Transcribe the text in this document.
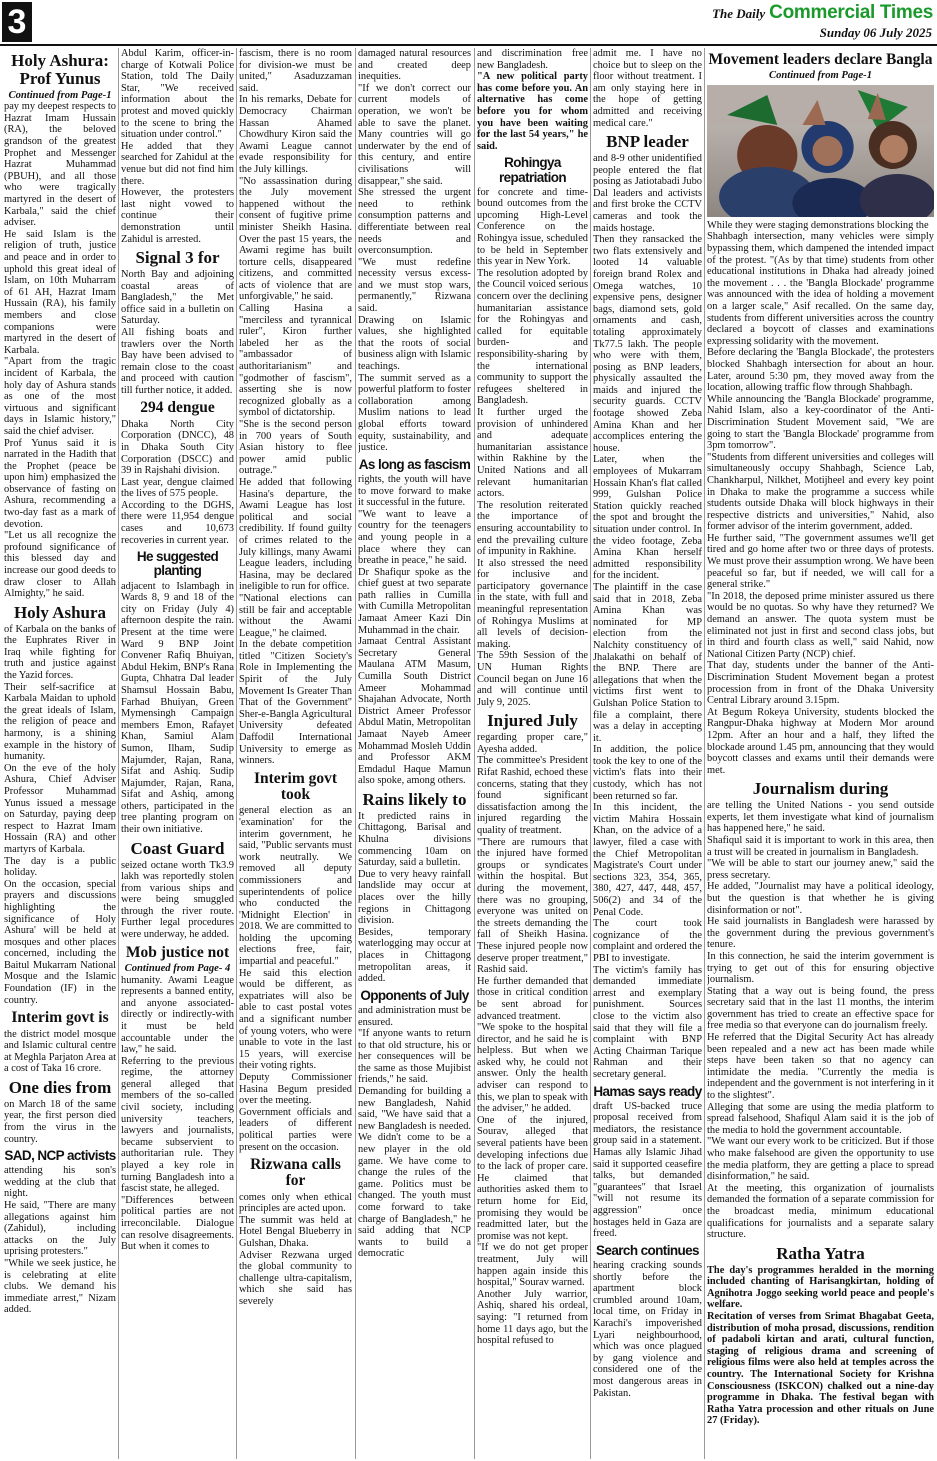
3	The Daily Commercial Times
Sunday 06 July 2025
Holy Ashura:
Prof Yunus
Continued from Page-1

pay my deepest respects to Hazrat Imam Hussain (RA), the beloved grandson of the greatest Prophet and Messenger Hazrat Muhammad (PBUH), and all those who were tragically martyred in the desert of Karbala," said the chief adviser.
He said Islam is the religion of truth, justice and peace and in order to uphold this great ideal of Islam, on 10th Muharram of 61 AH, Hazrat Imam Hussain (RA), his family members and close companions were martyred in the desert of Karbala.
"Apart from the tragic incident of Karbala, the holy day of Ashura stands as one of the most virtuous and significant days in Islamic history," said the chief adviser.
Prof Yunus said it is narrated in the Hadith that the Prophet (peace be upon him) emphasized the observance of fasting on Ashura, recommending a two-day fast as a mark of devotion.
"Let us all recognize the profound significance of this blessed day and increase our good deeds to draw closer to Allah Almighty," he said.

Holy Ashura

of Karbala on the banks of the Euphrates River in Iraq while fighting for truth and justice against the Yazid forces.
Their self-sacrifice at Karbala Maidan to uphold the great ideals of Islam, the religion of peace and harmony, is a shining example in the history of humanity.
On the eve of the holy Ashura, Chief Adviser Professor Muhammad Yunus issued a message on Saturday, paying deep respect to Hazrat Imam Hossain (RA) and other martyrs of Karbala.
The day is a public holiday.
On the occasion, special prayers and discussions highlighting the significance of Holy Ashura' will be held at mosques and other places concerned, including the Baitul Mukarram National Mosque and the Islamic Foundation (IF) in the country.

Interim govt is

the district model mosque and Islamic cultural centre at Meghla Parjaton Area at a cost of Taka 16 crore.

One dies from

on March 18 of the same year, the first person died from the virus in the country.

SAD, NCP activists

attending his son's wedding at the club that night.
He said, "There are many allegations against him (Zahidul), including attacks on the July uprising protesters."
"While we seek justice, he is celebrating at elite clubs. We demand his immediate arrest," Nizam added.

Abdul Karim, officer-in-charge of Kotwali Police Station, told The Daily Star, "We received information about the protest and moved quickly to the scene to bring the situation under control."
He added that they searched for Zahidul at the venue but did not find him there.
However, the protesters last night vowed to continue their demonstration until Zahidul is arrested.

Signal 3 for

North Bay and adjoining coastal areas of Bangladesh," the Met office said in a bulletin on Saturday.
All fishing boats and trawlers over the North Bay have been advised to remain close to the coast and proceed with caution till further notice, it added.

294 dengue

Dhaka North City Corporation (DNCC), 48 in Dhaka South City Corporation (DSCC) and 39 in Rajshahi division.
Last year, dengue claimed the lives of 575 people.
According to the DGHS, there were 11,954 dengue cases and 10,673 recoveries in current year.

He suggested planting

adjacent to Islambagh in Wards 8, 9 and 18 of the city on Friday (July 4) afternoon despite the rain. Present at the time were Ward 9 BNP Joint Convener Rafiq Bhuiyan, Abdul Hekim, BNP's Rana Gupta, Chhatra Dal leader Shamsul Hossain Babu, Farhad Bhuiyan, Green Mymensingh Campaign members Emon, Rafayet Khan, Samiul Alam Sumon, Ilham, Sudip Majumder, Rajan, Rana, Sifat and Ashiq. Sudip Majumder, Rajan, Rana, Sifat and Ashiq, among others, participated in the tree planting program on their own initiative.

Coast Guard

seized octane worth Tk3.9 lakh was reportedly stolen from various ships and were being smuggled through the river route. Further legal procedures were underway, he added.

Mob justice not
Continued from Page- 4

humanity. Awami League represents a banned entity, and anyone associated-directly or indirectly-with it must be held accountable under the law," he said.
Referring to the previous regime, the attorney general alleged that members of the so-called civil society, including university teachers, lawyers and journalists, became subservient to authoritarian rule. They played a key role in turning Bangladesh into a fascist state, he alleged.
"Differences between political parties are not irreconcilable. Dialogue can resolve disagreements. But when it comes to

fascism, there is no room for division-we must be united," Asaduzzaman said.
In his remarks, Debate for Democracy Chairman Hassan Ahamed Chowdhury Kiron said the Awami League cannot evade responsibility for the July killings.
"No assassination during the July movement happened without the consent of fugitive prime minister Sheikh Hasina. Over the past 15 years, the Awami regime has built torture cells, disappeared citizens, and committed acts of violence that are unforgivable," he said.
Calling Hasina a "merciless and tyrannical ruler", Kiron further labeled her as the "ambassador of authoritarianism" and "godmother of fascism", asserting she is now recognized globally as a symbol of dictatorship.
"She is the second person in 700 years of South Asian history to flee power amid public outrage."
He added that following Hasina's departure, the Awami League has lost political and social credibility. If found guilty of crimes related to the July killings, many Awami League leaders, including Hasina, may be declared ineligible to run for office.
"National elections can still be fair and acceptable without the Awami League," he claimed.
In the debate competition titled "Citizen Society's Role in Implementing the Spirit of the July Movement Is Greater Than That of the Government" Sher-e-Bangla Agricultural University defeated Daffodil International University to emerge as winners.

Interim govt took

general election as an 'examination' for the interim government, he said, "Public servants must work neutrally. We removed all deputy commissioners and superintendents of police who conducted the 'Midnight Election' in 2018. We are committed to holding the upcoming elections free, fair, impartial and peaceful."
He said this election would be different, as expatriates will also be able to cast postal votes and a significant number of young voters, who were unable to vote in the last 15 years, will exercise their voting rights.
Deputy Commissioner Hasina Begum presided over the meeting.
Government officials and leaders of different political parties were present on the occasion.

Rizwana calls for

comes only when ethical principles are acted upon.
The summit was held at Hotel Bengal Blueberry in Gulshan, Dhaka.
Adviser Rezwana urged the global community to challenge ultra-capitalism, which she said has severely

damaged natural resources and created deep inequities.
"If we don't correct our current models of operation, we won't be able to save the planet. Many countries will go underwater by the end of this century, and entire civilisations will disappear," she said.
She stressed the urgent need to rethink consumption patterns and differentiate between real needs and overconsumption.
"We must redefine necessity versus excess-and we must stop wars, permanently," Rizwana said.
Drawing on Islamic values, she highlighted that the roots of social business align with Islamic teachings.
The summit served as a powerful platform to foster collaboration among Muslim nations to lead global efforts toward equity, sustainability, and justice.

As long as fascism

rights, the youth will have to move forward to make it successful in the future.
"We want to leave a country for the teenagers and young people in a place where they can breathe in peace," he said.
Dr Shafiqur spoke as the chief guest at two separate path rallies in Cumilla with Cumilla Metropolitan Jamaat Ameer Kazi Din Muhammad in the chair.
Jamaat Central Assistant Secretary General Maulana ATM Masum, Cumilla South District Ameer Mohammad Shajahan Advocate, North District Ameer Professor Abdul Matin, Metropolitan Jamaat Nayeb Ameer Mohammad Mosleh Uddin and Professor AKM Emdadul Haque Mamun also spoke, among others.

Rains likely to

It predicted rains in Chittagong, Barisal and Khulna divisions commencing 10am on Saturday, said a bulletin.
Due to very heavy rainfall landslide may occur at places over the hilly regions in Chittagong division.
Besides, temporary waterlogging may occur at places in Chittagong metropolitan areas, it added.

Opponents of July

and administration must be ensured.
"If anyone wants to return to that old structure, his or her consequences will be the same as those Mujibist friends," he said.
Demanding for building a new Bangladesh, Nahid said, "We have said that a new Bangladesh is needed. We didn't come to be a new player in the old game. We have come to change the rules of the game. Politics must be changed. The youth must come forward to take charge of Bangladesh," he said adding that NCP wants to build a democratic

and discrimination free new Bangladesh.

"A new political party has come before you. An alternative has come before you for whom you have been waiting for the last 54 years," he said.

Rohingya repatriation

for concrete and time-bound outcomes from the upcoming High-Level Conference on the Rohingya issue, scheduled to be held in September this year in New York.
The resolution adopted by the Council voiced serious concern over the declining humanitarian assistance for the Rohingyas and called for equitable burden- and responsibility-sharing by the international community to support the refugees sheltered in Bangladesh.
It further urged the provision of unhindered and adequate humanitarian assistance within Rakhine by the United Nations and all relevant humanitarian actors.
The resolution reiterated the importance of ensuring accountability to end the prevailing culture of impunity in Rakhine.
It also stressed the need for inclusive and participatory governance in the state, with full and meaningful representation of Rohingya Muslims at all levels of decision-making.
The 59th Session of the UN Human Rights Council began on June 16 and will continue until July 9, 2025.

Injured July

regarding proper care," Ayesha added.
The committee's President Rifat Rashid, echoed these concerns, stating that they found significant dissatisfaction among the injured regarding the quality of treatment.
"There are rumours that the injured have formed groups or syndicates within the hospital. But during the movement, there was no grouping, everyone was united on the streets demanding the fall of Sheikh Hasina. These injured people now deserve proper treatment," Rashid said.
He further demanded that those in critical condition be sent abroad for advanced treatment.
"We spoke to the hospital director, and he said he is helpless. But when we asked why, he could not answer. Only the health adviser can respond to this, we plan to speak with the adviser," he added.
One of the injured, Sourav, alleged that several patients have been developing infections due to the lack of proper care. He claimed that authorities asked them to return home for Eid, promising they would be readmitted later, but the promise was not kept.
"If we do not get proper treatment, July will happen again inside this hospital," Sourav warned.
Another July warrior, Ashiq, shared his ordeal, saying: "I returned from home 11 days ago, but the hospital refused to

admit me. I have no choice but to sleep on the floor without treatment. I am only staying here in the hope of getting admitted and receiving medical care."

BNP leader

and 8-9 other unidentified people entered the flat posing as Jatiotabadi Jubo Dal leaders and activists and first broke the CCTV cameras and took the maids hostage.
Then they ransacked the two flats extensively and looted 14 valuable foreign brand Rolex and Omega watches, 10 expensive pens, designer bags, diamond sets, gold ornaments and cash, totaling approximately Tk77.5 lakh. The people who were with them, posing as BNP leaders, physically assaulted the maids and injured the security guards. CCTV footage showed Zeba Amina Khan and her accomplices entering the house.
Later, when the employees of Mukarram Hossain Khan's flat called 999, Gulshan Police Station quickly reached the spot and brought the situation under control. In the video footage, Zeba Amina Khan herself admitted responsibility for the incident.
The plaintiff in the case said that in 2018, Zeba Amina Khan was nominated for MP election from the Nalchity constituency of Jhalakathi on behalf of the BNP. There are allegations that when the victims first went to Gulshan Police Station to file a complaint, there was a delay in accepting it.
In addition, the police took the key to one of the victim's flats into their custody, which has not been returned so far.
In this incident, the victim Mahira Hossain Khan, on the advice of a lawyer, filed a case with the Chief Metropolitan Magistrate's Court under sections 323, 354, 365, 380, 427, 447, 448, 457, 506(2) and 34 of the Penal Code.
The court took cognizance of the complaint and ordered the PBI to investigate.
The victim's family has demanded immediate arrest and exemplary punishment. Sources close to the victim also said that they will file a complaint with BNP Acting Chairman Tarique Rahman and their secretary general.

Hamas says ready

draft US-backed truce proposal received from mediators, the resistance group said in a statement. Hamas ally Islamic Jihad said it supported ceasefire talks, but demanded "guarantees" that Israel "will not resume its aggression" once hostages held in Gaza are freed.

Search continues

hearing cracking sounds shortly before the apartment block crumbled around 10am, local time, on Friday in Karachi's impoverished Lyari neighbourhood, which was once plagued by gang violence and considered one of the most dangerous areas in Pakistan.

Movement leaders declare Bangla
Continued from Page-1

While they were staging demonstrations blocking the

Shahbagh intersection, many vehicles were simply bypassing them, which dampened the intended impact of the protest. "(As by that time) students from other educational institutions in Dhaka had already joined the movement . . . the 'Bangla Blockade' programme was announced with the idea of holding a movement on a larger scale," Asif recalled. On the same day, students from different universities across the country declared a boycott of classes and examinations expressing solidarity with the movement.
Before declaring the 'Bangla Blockade', the protesters blocked Shahbagh intersection for about an hour. Later, around 5:30 pm, they moved away from the location, allowing traffic flow through Shahbagh.
While announcing the 'Bangla Blockade' programme, Nahid Islam, also a key-coordinator of the Anti-Discrimination Student Movement said, "We are going to start the 'Bangla Blockade' programme from 3pm tomorrow".
"Students from different universities and colleges will simultaneously occupy Shahbagh, Science Lab, Chankharpul, Nilkhet, Motijheel and every key point in Dhaka to make the programme a success while students outside Dhaka will block highways in their respective districts and universities," Nahid, also former advisor of the interim government, added.
He further said, "The government assumes we'll get tired and go home after two or three days of protests. We must prove their assumption wrong. We have been peaceful so far, but if needed, we will call for a general strike."
"In 2018, the deposed prime minister assured us there would be no quotas. So why have they returned? We demand an answer. The quota system must be eliminated not just in first and second class jobs, but in third and fourth class as well," said Nahid, now National Citizen Party (NCP) chief.
That day, students under the banner of the Anti-Discrimination Student Movement began a protest procession from in front of the Dhaka University Central Library around 3.15pm.
At Begum Rokeya University, students blocked the Rangpur-Dhaka highway at Modern Mor around 12pm. After an hour and a half, they lifted the blockade around 1.45 pm, announcing that they would boycott classes and exams until their demands were met.

Journalism during

are telling the United Nations - you send outside experts, let them investigate what kind of journalism has happened here," he said.
Shafiqul said it is important to work in this area, then a trust will be created in journalism in Bangladesh.
"We will be able to start our journey anew," said the press secretary.
He added, "Journalist may have a political ideology, but the question is that whether he is giving disinformation or not".
He said journalists in Bangladesh were harassed by the government during the previous government's tenure.
In this connection, he said the interim government is trying to get out of this for ensuring objective journalism.
Stating that a way out is being found, the press secretary said that in the last 11 months, the interim government has tried to create an effective space for free media so that everyone can do journalism freely.
He referred that the Digital Security Act has already been repealed and a new act has been made while steps have been taken so that no agency can intimidate the media. "Currently the media is independent and the government is not interfering in it to the slightest".
Alleging that some are using the media platform to spread falsehood, Shafiqul Alam said it is the job of the media to hold the government accountable.
"We want our every work to be criticized. But if those who make falsehood are given the opportunity to use the media platform, they are getting a place to spread disinformation," he said.
At the meeting, this organization of journalists demanded the formation of a separate commission for the broadcast media, minimum educational qualifications for journalists and a separate salary structure.

Ratha Yatra

The day's programmes heralded in the morning included chanting of Harisangkirtan, holding of Agnihotra Joggo seeking world peace and people's welfare.
Recitation of verses from Srimat Bhagabat Geeta, distribution of moha prosad, discussions, rendition of padaboli kirtan and arati, cultural function, staging of religious drama and screening of religious films were also held at temples across the country. The International Society for Krishna Consciousness (ISKCON) chalked out a nine-day programme in Dhaka. The festival began with Ratha Yatra procession and other rituals on June 27 (Friday).
